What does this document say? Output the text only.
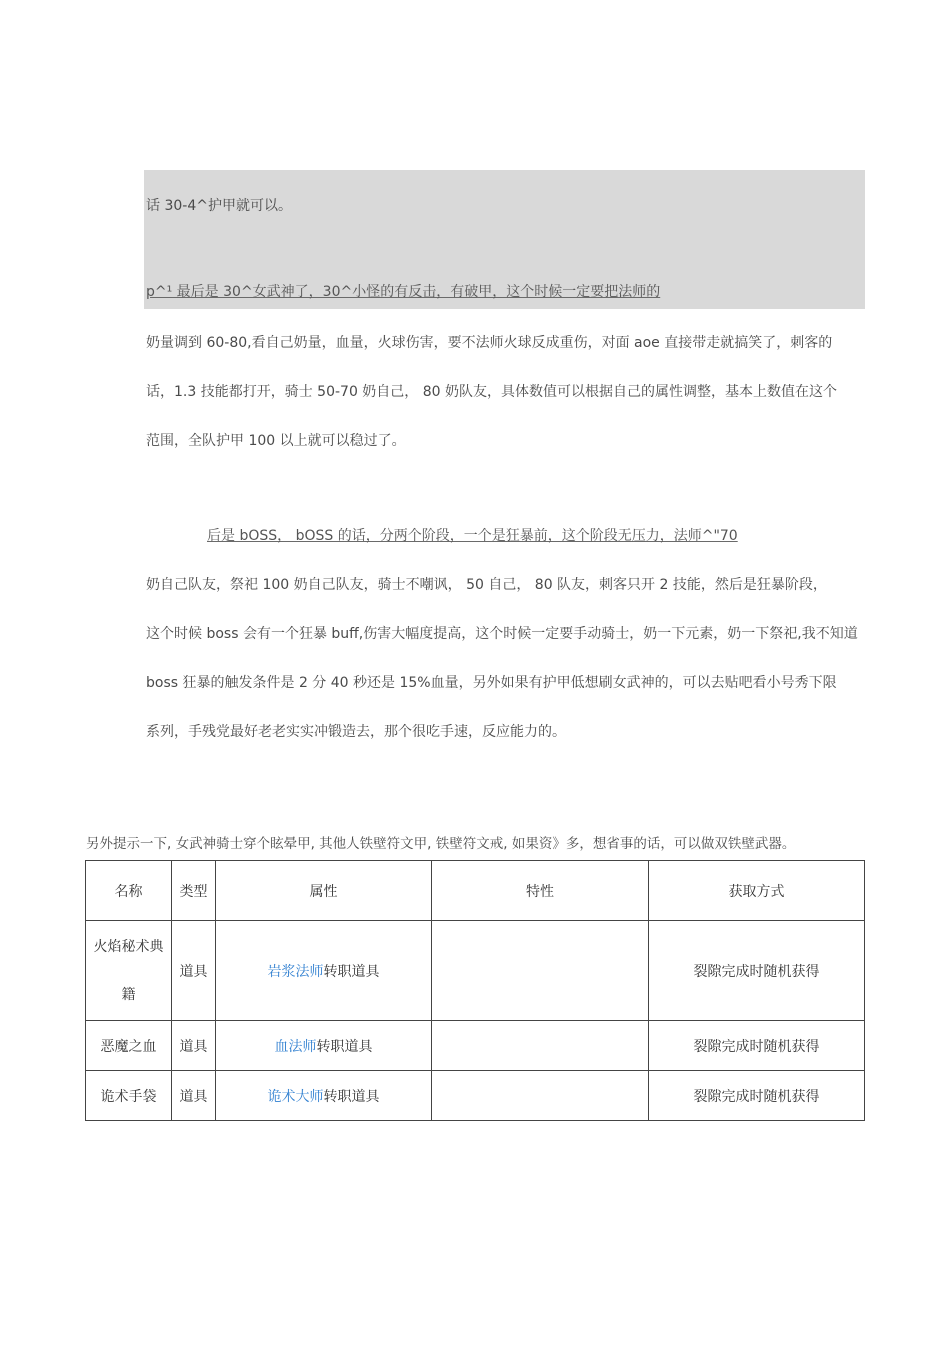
话 30-4^护甲就可以。
p^¹ 最后是 30^女武神了，30^小怪的有反击，有破甲，这个时候一定要把法师的
奶量调到 60-80,看自己奶量，血量，火球伤害，要不法师火球反成重伤，对面 aoe 直接带走就搞笑了，刺客的
话，1.3 技能都打开，骑士 50-70 奶自己， 80 奶队友，具体数值可以根据自己的属性调整，基本上数值在这个
范围，全队护甲 100 以上就可以稳过了。
后是 bOSS， bOSS 的话，分两个阶段，一个是狂暴前，这个阶段无压力，法师^"70
奶自己队友，祭祀 100 奶自己队友，骑士不嘲讽， 50 自己， 80 队友，刺客只开 2 技能，然后是狂暴阶段，
这个时候 boss 会有一个狂暴 buff,伤害大幅度提高，这个时候一定要手动骑士，奶一下元素，奶一下祭祀,我不知道
boss 狂暴的触发条件是 2 分 40 秒还是 15%血量，另外如果有护甲低想刷女武神的，可以去贴吧看小号秀下限
系列，手残党最好老老实实冲锻造去，那个很吃手速，反应能力的。
另外提示一下, 女武神骑士穿个眩晕甲, 其他人铁壁符文甲, 铁壁符文戒, 如果资》多，想省事的话，可以做双铁壁武器。
名称	类型	属性	特性	获取方式

火焰秘术典
籍	道具	岩浆法师转职道具		裂隙完成时随机获得
恶魔之血	道具	血法师转职道具		裂隙完成时随机获得
诡术手袋	道具	诡术大师转职道具		裂隙完成时随机获得
